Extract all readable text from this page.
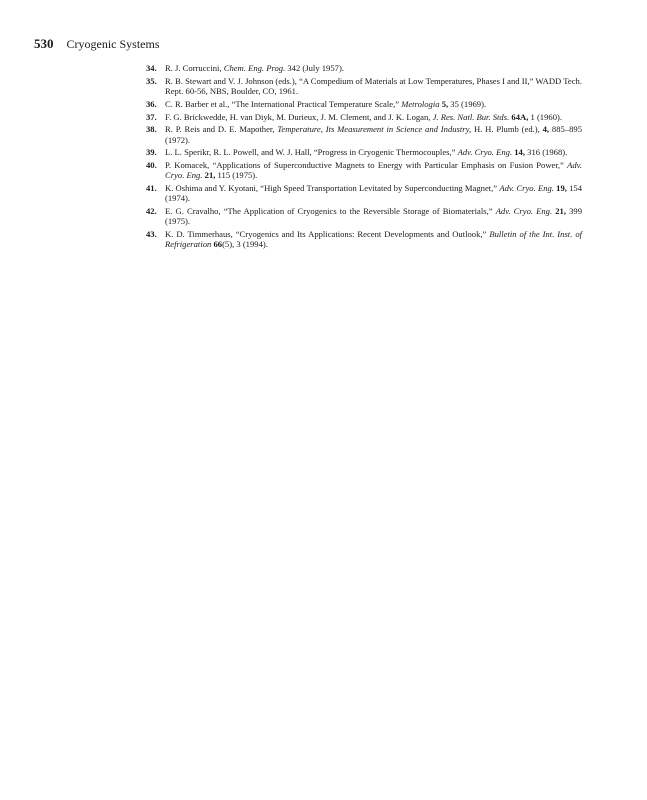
530 Cryogenic Systems
34. R. J. Corruccini, Chem. Eng. Prog. 342 (July 1957).
35. R. B. Stewart and V. J. Johnson (eds.), “A Compedium of Materials at Low Temperatures, Phases I and II,” WADD Tech. Rept. 60-56, NBS, Boulder, CO, 1961.
36. C. R. Barber et al., “The International Practical Temperature Scale,” Metrologia 5, 35 (1969).
37. F. G. Brickwedde, H. van Diyk, M. Durieux, J. M. Clement, and J. K. Logan, J. Res. Natl. Bur. Stds. 64A, 1 (1960).
38. R. P. Reis and D. E. Mapother, Temperature, Its Measurement in Science and Industry, H. H. Plumb (ed.), 4, 885–895 (1972).
39. L. L. Sperikr, R. L. Powell, and W. J. Hall, “Progress in Cryogenic Thermocouples,” Adv. Cryo. Eng. 14, 316 (1968).
40. P. Komacek, “Applications of Superconductive Magnets to Energy with Particular Emphasis on Fusion Power,” Adv. Cryo. Eng. 21, 115 (1975).
41. K. Oshima and Y. Kyotani, “High Speed Transportation Levitated by Superconducting Magnet,” Adv. Cryo. Eng. 19, 154 (1974).
42. E. G. Cravalho, “The Application of Cryogenics to the Reversible Storage of Biomaterials,” Adv. Cryo. Eng. 21, 399 (1975).
43. K. D. Timmerhaus, “Cryogenics and Its Applications: Recent Developments and Outlook,” Bulletin of the Int. Inst. of Refrigeration 66(5), 3 (1994).
